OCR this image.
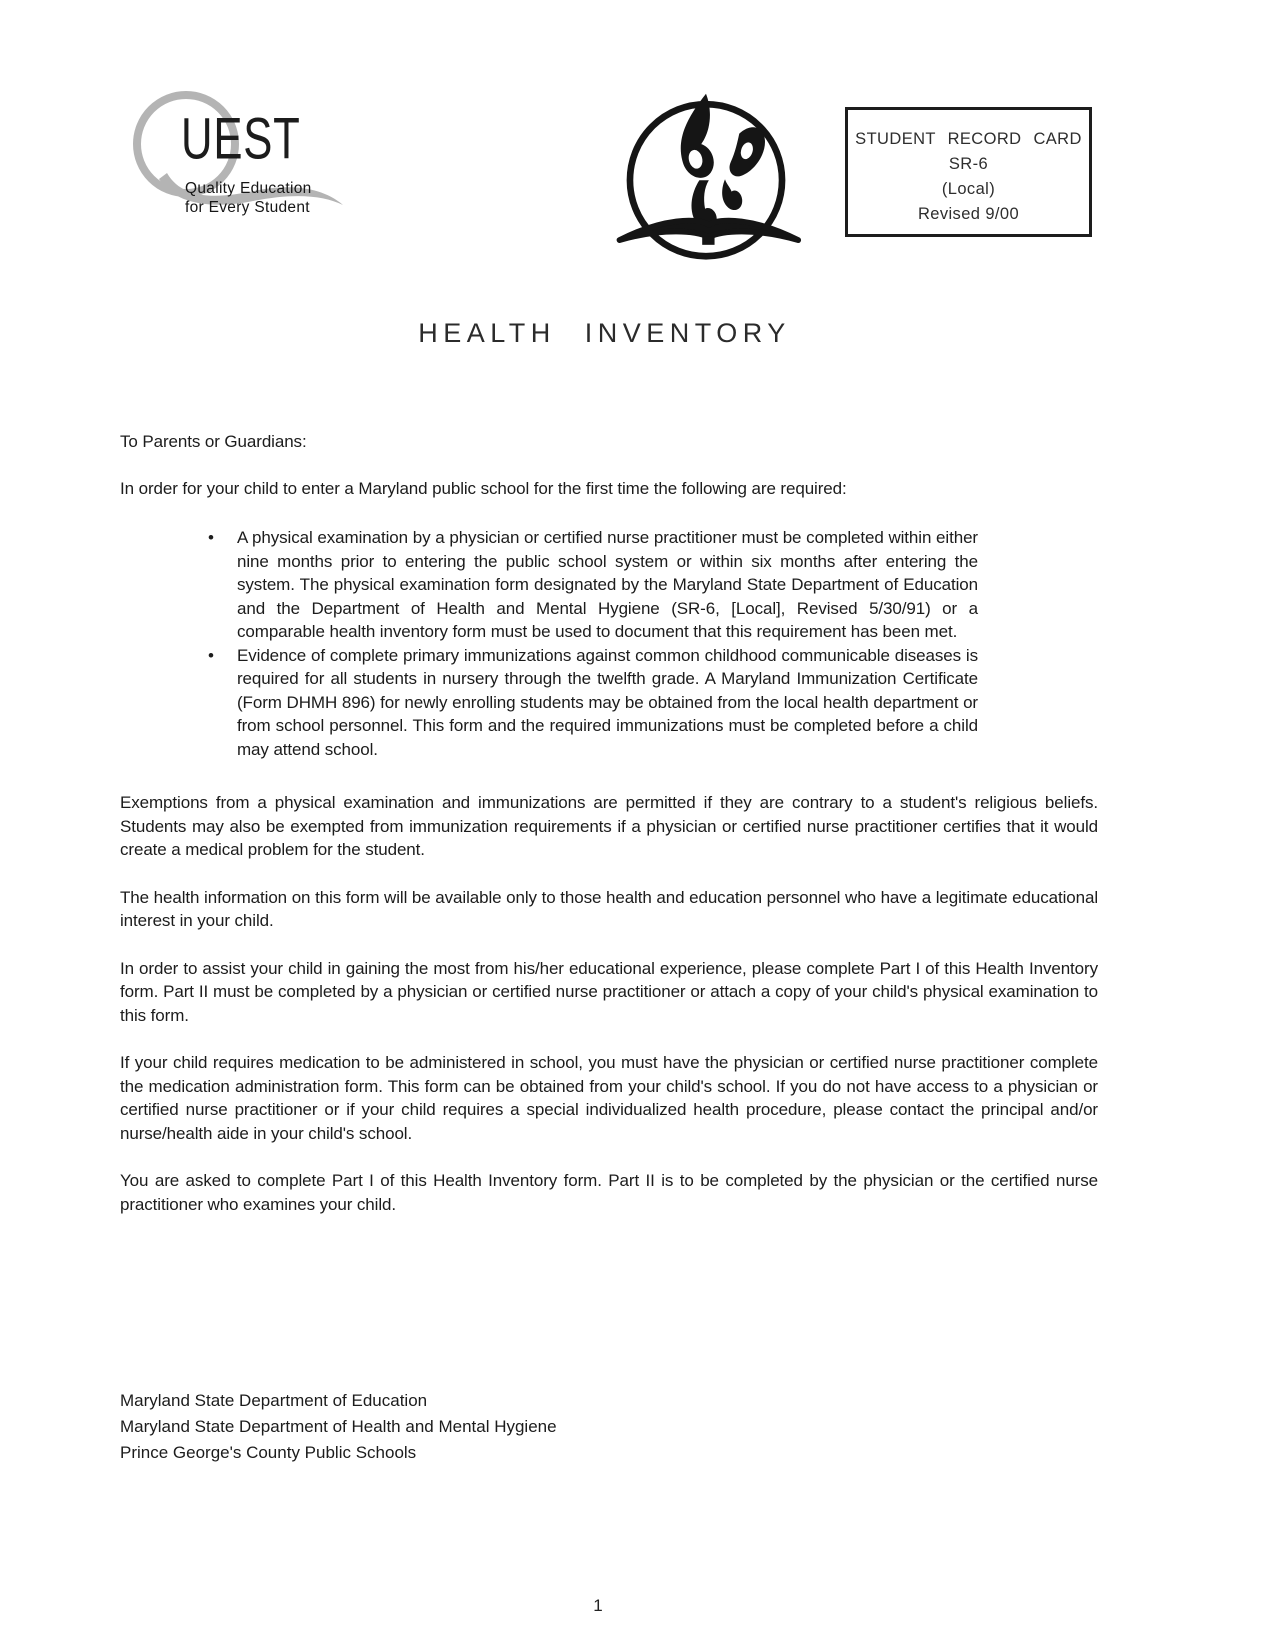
UEST
Quality Education
for Every Student
STUDENT RECORD CARD
SR-6
(Local)
Revised 9/00
HEALTH INVENTORY

To Parents or Guardians:

In order for your child to enter a Maryland public school for the first time the following are required:

• A physical examination by a physician or certified nurse practitioner must be completed within either nine months prior to entering the public school system or within six months after entering the system. The physical examination form designated by the Maryland State Department of Education and the Department of Health and Mental Hygiene (SR-6, [Local], Revised 5/30/91) or a comparable health inventory form must be used to document that this requirement has been met.
• Evidence of complete primary immunizations against common childhood communicable diseases is required for all students in nursery through the twelfth grade. A Maryland Immunization Certificate (Form DHMH 896) for newly enrolling students may be obtained from the local health department or from school personnel. This form and the required immunizations must be completed before a child may attend school.

Exemptions from a physical examination and immunizations are permitted if they are contrary to a student's religious beliefs. Students may also be exempted from immunization requirements if a physician or certified nurse practitioner certifies that it would create a medical problem for the student.

The health information on this form will be available only to those health and education personnel who have a legitimate educational interest in your child.

In order to assist your child in gaining the most from his/her educational experience, please complete Part I of this Health Inventory form. Part II must be completed by a physician or certified nurse practitioner or attach a copy of your child's physical examination to this form.

If your child requires medication to be administered in school, you must have the physician or certified nurse practitioner complete the medication administration form. This form can be obtained from your child's school. If you do not have access to a physician or certified nurse practitioner or if your child requires a special individualized health procedure, please contact the principal and/or nurse/health aide in your child's school.

You are asked to complete Part I of this Health Inventory form. Part II is to be completed by the physician or the certified nurse practitioner who examines your child.

Maryland State Department of Education
Maryland State Department of Health and Mental Hygiene
Prince George's County Public Schools
1
